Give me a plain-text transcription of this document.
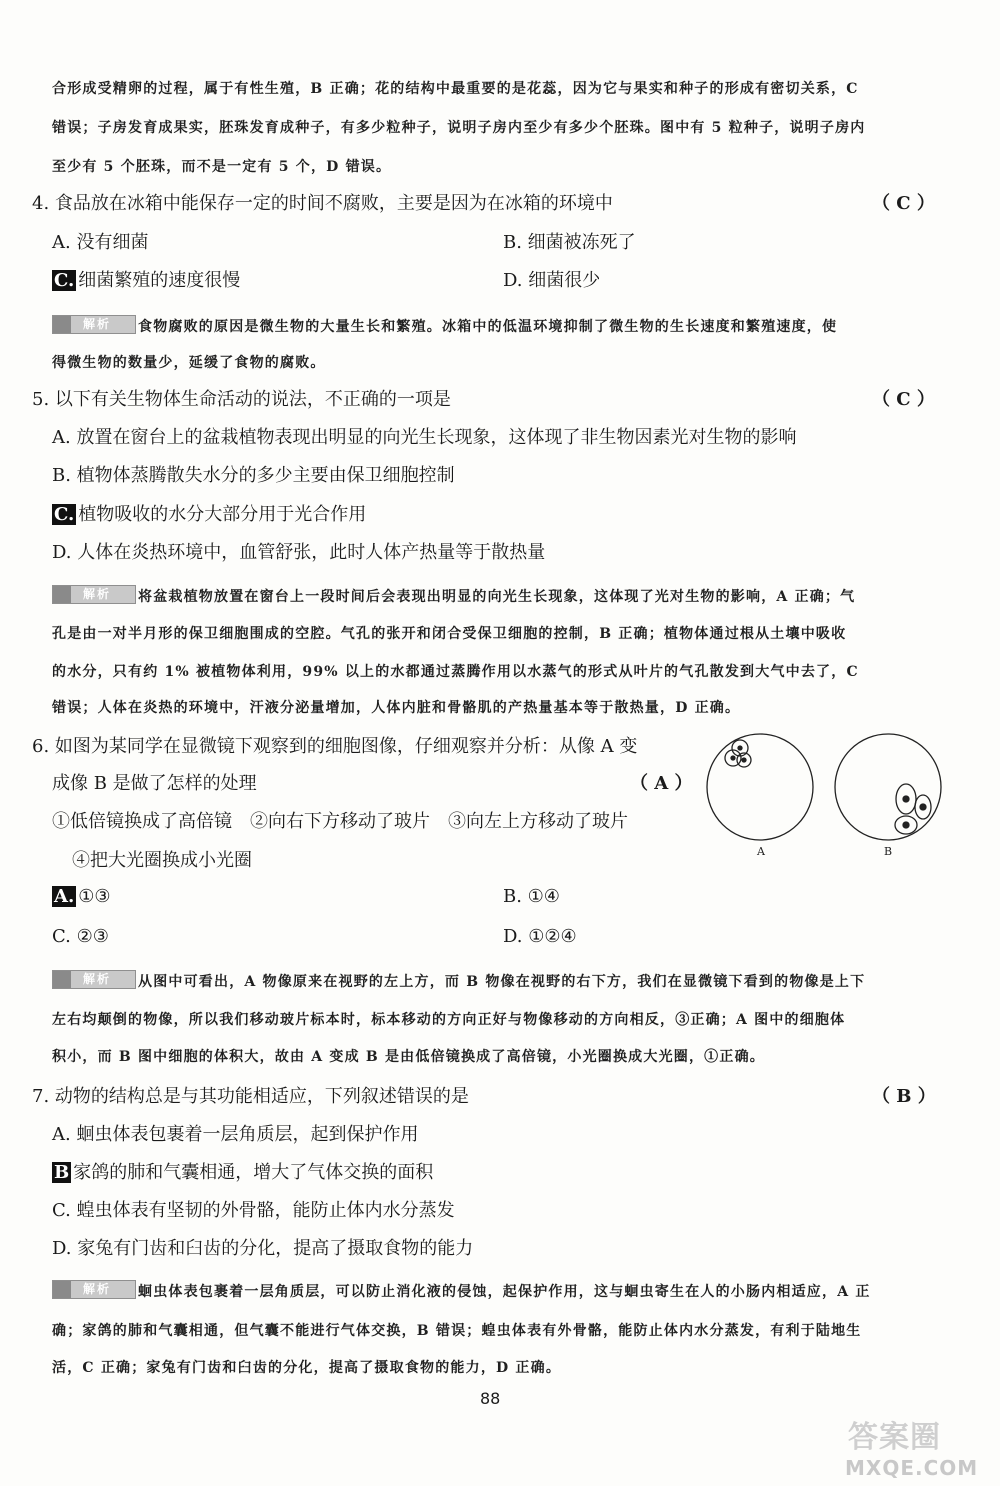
合形成受精卵的过程，属于有性生殖，B 正确；花的结构中最重要的是花蕊，因为它与果实和种子的形成有密切关系，C
错误；子房发育成果实，胚珠发育成种子，有多少粒种子，说明子房内至少有多少个胚珠。图中有 5 粒种子，说明子房内
至少有 5 个胚珠，而不是一定有 5 个，D 错误。
4. 食品放在冰箱中能保存一定的时间不腐败，主要是因为在冰箱的环境中	（ C ）
A. 没有细菌	B. 细菌被冻死了
C. 细菌繁殖的速度很慢	D. 细菌很少
解析 食物腐败的原因是微生物的大量生长和繁殖。冰箱中的低温环境抑制了微生物的生长速度和繁殖速度，使
得微生物的数量少，延缓了食物的腐败。
5. 以下有关生物体生命活动的说法，不正确的一项是	（ C ）
A. 放置在窗台上的盆栽植物表现出明显的向光生长现象，这体现了非生物因素光对生物的影响
B. 植物体蒸腾散失水分的多少主要由保卫细胞控制
C. 植物吸收的水分大部分用于光合作用
D. 人体在炎热环境中，血管舒张，此时人体产热量等于散热量
解析 将盆栽植物放置在窗台上一段时间后会表现出明显的向光生长现象，这体现了光对生物的影响，A 正确；气
孔是由一对半月形的保卫细胞围成的空腔。气孔的张开和闭合受保卫细胞的控制，B 正确；植物体通过根从土壤中吸收
的水分，只有约 1% 被植物体利用，99% 以上的水都通过蒸腾作用以水蒸气的形式从叶片的气孔散发到大气中去了，C
错误；人体在炎热的环境中，汗液分泌量增加，人体内脏和骨骼肌的产热量基本等于散热量，D 正确。
6. 如图为某同学在显微镜下观察到的细胞图像，仔细观察并分析：从像 A 变
成像 B 是做了怎样的处理	（ A ）
①低倍镜换成了高倍镜　②向右下方移动了玻片　③向左上方移动了玻片
④把大光圈换成小光圈
A. ①③	B. ①④
C. ②③	D. ①②④
A	B
解析 从图中可看出，A 物像原来在视野的左上方，而 B 物像在视野的右下方，我们在显微镜下看到的物像是上下
左右均颠倒的物像，所以我们移动玻片标本时，标本移动的方向正好与物像移动的方向相反，③正确；A 图中的细胞体
积小，而 B 图中细胞的体积大，故由 A 变成 B 是由低倍镜换成了高倍镜，小光圈换成大光圈，①正确。
7. 动物的结构总是与其功能相适应，下列叙述错误的是	（ B ）
A. 蛔虫体表包裹着一层角质层，起到保护作用
B 家鸽的肺和气囊相通，增大了气体交换的面积
C. 蝗虫体表有坚韧的外骨骼，能防止体内水分蒸发
D. 家兔有门齿和臼齿的分化，提高了摄取食物的能力
解析 蛔虫体表包裹着一层角质层，可以防止消化液的侵蚀，起保护作用，这与蛔虫寄生在人的小肠内相适应，A 正
确；家鸽的肺和气囊相通，但气囊不能进行气体交换，B 错误；蝗虫体表有外骨骼，能防止体内水分蒸发，有利于陆地生
活，C 正确；家兔有门齿和臼齿的分化，提高了摄取食物的能力，D 正确。
88
答案圈
MXQE.COM
